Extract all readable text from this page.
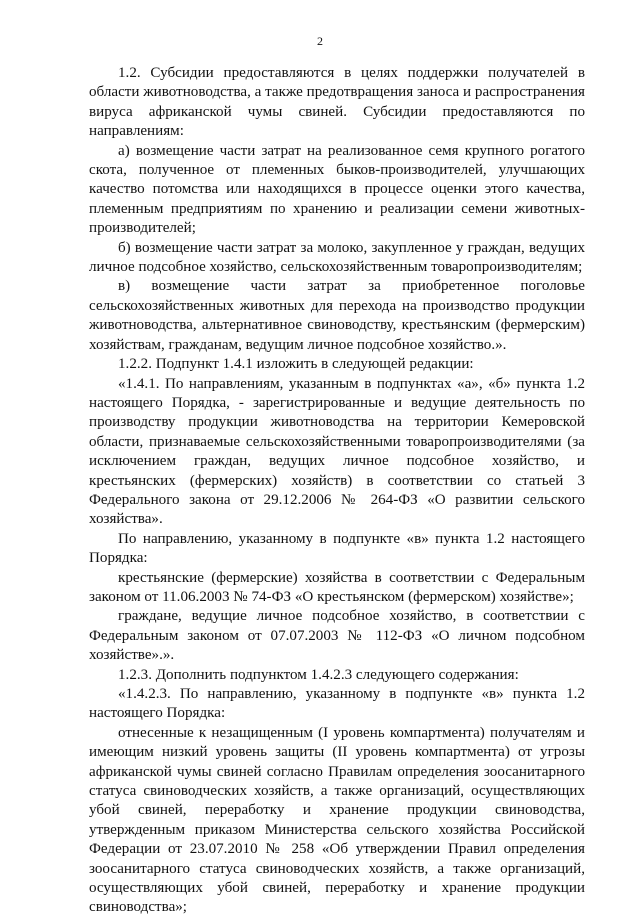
2

1.2. Субсидии предоставляются в целях поддержки получателей в области животноводства, а также предотвращения заноса и распространения вируса африканской чумы свиней. Субсидии предоставляются по направлениям:

а) возмещение части затрат на реализованное семя крупного рогатого скота, полученное от племенных быков-производителей, улучшающих качество потомства или находящихся в процессе оценки этого качества, племенным предприятиям по хранению и реализации семени животных-производителей;

б) возмещение части затрат за молоко, закупленное у граждан, ведущих личное подсобное хозяйство, сельскохозяйственным товаропроизводителям;

в) возмещение части затрат за приобретенное поголовье сельскохозяйственных животных для перехода на производство продукции животноводства, альтернативное свиноводству, крестьянским (фермерским) хозяйствам, гражданам, ведущим личное подсобное хозяйство.».

1.2.2. Подпункт 1.4.1 изложить в следующей редакции:

«1.4.1. По направлениям, указанным в подпунктах «а», «б» пункта 1.2 настоящего Порядка, - зарегистрированные и ведущие деятельность по производству продукции животноводства на территории Кемеровской области, признаваемые сельскохозяйственными товаропроизводителями (за исключением граждан, ведущих личное подсобное хозяйство, и крестьянских (фермерских) хозяйств) в соответствии со статьей 3 Федерального закона от 29.12.2006 № 264-ФЗ «О развитии сельского хозяйства».

По направлению, указанному в подпункте «в» пункта 1.2 настоящего Порядка:

крестьянские (фермерские) хозяйства в соответствии с Федеральным законом от 11.06.2003 № 74-ФЗ «О крестьянском (фермерском) хозяйстве»;

граждане, ведущие личное подсобное хозяйство, в соответствии с Федеральным законом от 07.07.2003 № 112-ФЗ «О личном подсобном хозяйстве».».

1.2.3. Дополнить подпунктом 1.4.2.3 следующего содержания:

«1.4.2.3. По направлению, указанному в подпункте «в» пункта 1.2 настоящего Порядка:

отнесенные к незащищенным (I уровень компартмента) получателям и имеющим низкий уровень защиты (II уровень компартмента) от угрозы африканской чумы свиней согласно Правилам определения зоосанитарного статуса свиноводческих хозяйств, а также организаций, осуществляющих убой свиней, переработку и хранение продукции свиноводства, утвержденным приказом Министерства сельского хозяйства Российской Федерации от 23.07.2010 № 258 «Об утверждении Правил определения зоосанитарного статуса свиноводческих хозяйств, а также организаций, осуществляющих убой свиней, переработку и хранение продукции свиноводства»;
